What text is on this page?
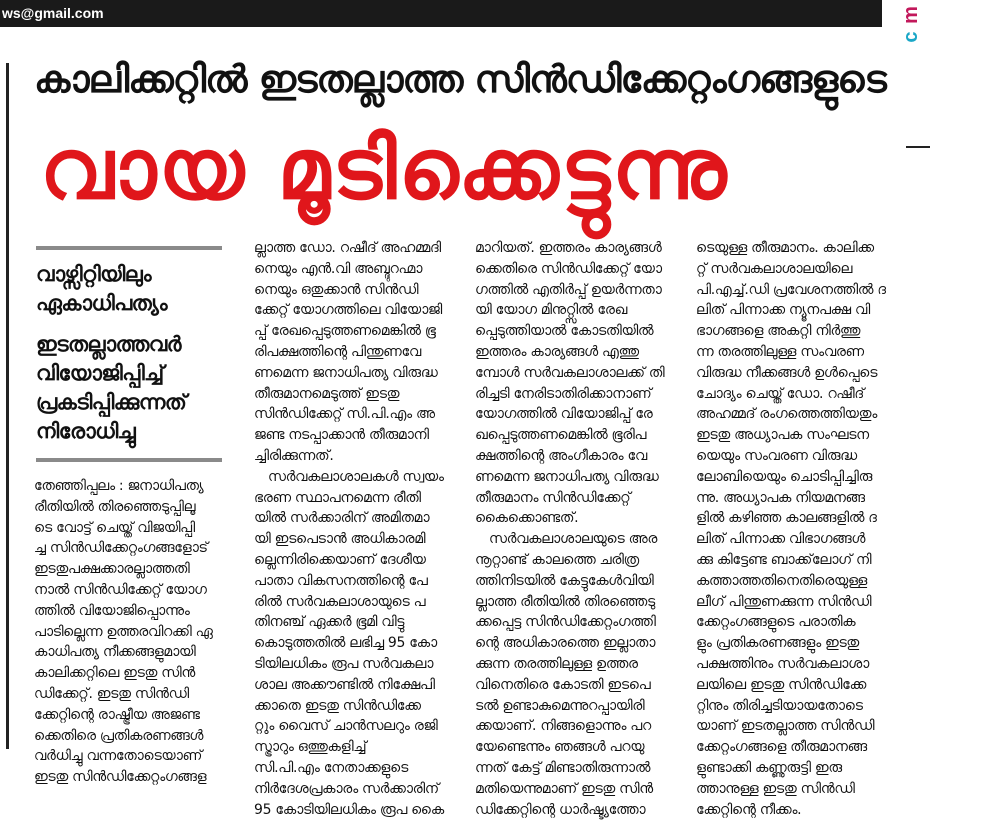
ws@gmail.com	m
c
കാലിക്കറ്റിൽ ഇടതല്ലാത്ത സിൻഡിക്കേറ്റംഗങ്ങളുടെ
വായ മൂടിക്കെട്ടുന്നു
വാഴ്സിറ്റിയിലും
ഏകാധിപത്യം
ഇടതല്ലാത്തവർ
വിയോജിപ്പിച്ച്
പ്രകടിപ്പിക്കുന്നത്
നിരോധിച്ചു
തേഞ്ഞിപ്പലം : ജനാധിപത്യ
രീതിയിൽ തിരഞ്ഞെടുപ്പിലൂ
ടെ വോട്ട് ചെയ്ത് വിജയിപ്പി
ച്ച സിൻഡിക്കേറ്റംഗങ്ങളോട്
ഇടതുപക്ഷക്കാരല്ലാത്തതി
നാൽ സിൻഡിക്കേറ്റ് യോഗ
ത്തിൽ വിയോജിപ്പൊന്നും
പാടില്ലെന്ന ഉത്തരവിറക്കി ഏ
കാധിപത്യ നീക്കങ്ങളുമായി
കാലിക്കറ്റിലെ ഇടതു സിൻ
ഡിക്കേറ്റ്. ഇടതു സിൻഡി
ക്കേറ്റിന്റെ രാഷ്ട്രീയ അജണ്ട
ക്കെതിരെ പ്രതികരണങ്ങൾ
വർധിച്ചു വന്നതോടെയാണ്
ഇടതു സിൻഡിക്കേറ്റംഗങ്ങള
ല്ലാത്ത ഡോ. റഷീദ് അഹമ്മദി
നെയും എൻ.വി അബ്ദുറഹ്മാ
നെയും ഒതുക്കാൻ സിൻഡി
ക്കേറ്റ് യോഗത്തിലെ വിയോജി
പ്പ് രേഖപ്പെടുത്തണമെങ്കിൽ ഭൂ
രിപക്ഷത്തിന്റെ പിന്തുണവേ
ണമെന്ന ജനാധിപത്യ വിരുദ്ധ
തീരുമാനമെടുത്ത് ഇടതു
സിൻഡിക്കേറ്റ് സി.പി.എം അ
ജണ്ട നടപ്പാക്കാൻ തീരുമാനി
ച്ചിരിക്കുന്നത്.
സർവകലാശാലകൾ സ്വയം
ഭരണ സ്ഥാപനമെന്ന രീതി
യിൽ സർക്കാരിന് അമിതമാ
യി ഇടപെടാൻ അധികാരമി
ല്ലെന്നിരിക്കെയാണ് ദേശീയ
പാതാ വികസനത്തിന്റെ പേ
രിൽ സർവകലാശായുടെ പ
തിനഞ്ച് ഏക്കർ ഭൂമി വിട്ടു
കൊടുത്തതിൽ ലഭിച്ച 95 കോ
ടിയിലധികം രൂപ സർവകലാ
ശാല അക്കൗണ്ടിൽ നിക്ഷേപി
ക്കാതെ ഇടതു സിൻഡിക്കേ
റ്റും വൈസ് ചാൻസലറും രജി
സ്ട്രാറും ഒത്തുകളിച്ച്
സി.പി.എം നേതാക്കളുടെ
നിർദേശപ്രകാരം സർക്കാരിന്
95 കോടിയിലധികം രൂപ കൈ
മാറിയത്. ഇത്തരം കാര്യങ്ങൾ
ക്കെതിരെ സിൻഡിക്കേറ്റ് യോ
ഗത്തിൽ എതിർപ്പ് ഉയർന്നതാ
യി യോഗ മിനുറ്റ്സിൽ രേഖ
പ്പെടുത്തിയാൽ കോടതിയിൽ
ഇത്തരം കാര്യങ്ങൾ എത്തു
മ്പോൾ സർവകലാശാലക്ക് തി
രിച്ചടി നേരിടാതിരിക്കാനാണ്
യോഗത്തിൽ വിയോജിപ്പ് രേ
ഖപ്പെടുത്തണമെങ്കിൽ ഭൂരിപ
ക്ഷത്തിന്റെ അംഗീകാരം വേ
ണമെന്ന ജനാധിപത്യ വിരുദ്ധ
തീരുമാനം സിൻഡിക്കേറ്റ്
കൈക്കൊണ്ടത്.
സർവകലാശാലയുടെ അര
നൂറ്റാണ്ട് കാലത്തെ ചരിത്ര
ത്തിനിടയിൽ കേട്ടുകേൾവിയി
ല്ലാത്ത രീതിയിൽ തിരഞ്ഞെടു
ക്കപ്പെട്ട സിൻഡിക്കേറ്റംഗത്തി
ന്റെ അധികാരത്തെ ഇല്ലാതാ
ക്കുന്ന തരത്തിലുള്ള ഉത്തര
വിനെതിരെ കോടതി ഇടപെ
ടൽ ഉണ്ടാകുമെന്നുറപ്പായിരി
ക്കയാണ്. നിങ്ങളൊന്നും പറ
യേണ്ടെന്നും ഞങ്ങൾ പറയു
ന്നത് കേട്ട് മിണ്ടാതിരുന്നാൽ
മതിയെന്നുമാണ് ഇടതു സിൻ
ഡിക്കേറ്റിന്റെ ധാർഷ്ട്യത്തോ
ടെയുള്ള തീരുമാനം. കാലിക്ക
റ്റ് സർവകലാശാലയിലെ
പി.എച്ച്.ഡി പ്രവേശനത്തിൽ ദ
ലിത് പിന്നാക്ക ന്യൂനപക്ഷ വി
ഭാഗങ്ങളെ അകറ്റി നിർത്തു
ന്ന തരത്തിലുള്ള സംവരണ
വിരുദ്ധ നീക്കങ്ങൾ ഉൾപ്പെടെ
ചോദ്യം ചെയ്ത് ഡോ. റഷീദ്
അഹമ്മദ് രംഗത്തെത്തിയതും
ഇടതു അധ്യാപക സംഘടന
യെയും സംവരണ വിരുദ്ധ
ലോബിയെയും ചൊടിപ്പിച്ചിരു
ന്നു. അധ്യാപക നിയമനങ്ങ
ളിൽ കഴിഞ്ഞ കാലങ്ങളിൽ ദ
ലിത് പിന്നാക്ക വിഭാഗങ്ങൾ
ക്കു കിട്ടേണ്ട ബാക്ക്‌ലോഗ് നി
കത്താത്തതിനെതിരെയുള്ള
ലീഗ് പിന്തുണക്കുന്ന സിൻഡി
ക്കേറ്റംഗങ്ങളുടെ പരാതിക
ളും പ്രതികരണങ്ങളും ഇടതു
പക്ഷത്തിനും സർവകലാശാ
ലയിലെ ഇടതു സിൻഡിക്കേ
റ്റിനും തിരിച്ചടിയായതോടെ
യാണ് ഇടതല്ലാത്ത സിൻഡി
ക്കേറ്റംഗങ്ങളെ തീരുമാനങ്ങ
ളുണ്ടാക്കി കണ്ണുരുട്ടി ഇരു
ത്താനുള്ള ഇടതു സിൻഡി
ക്കേറ്റിന്റെ നീക്കം.
